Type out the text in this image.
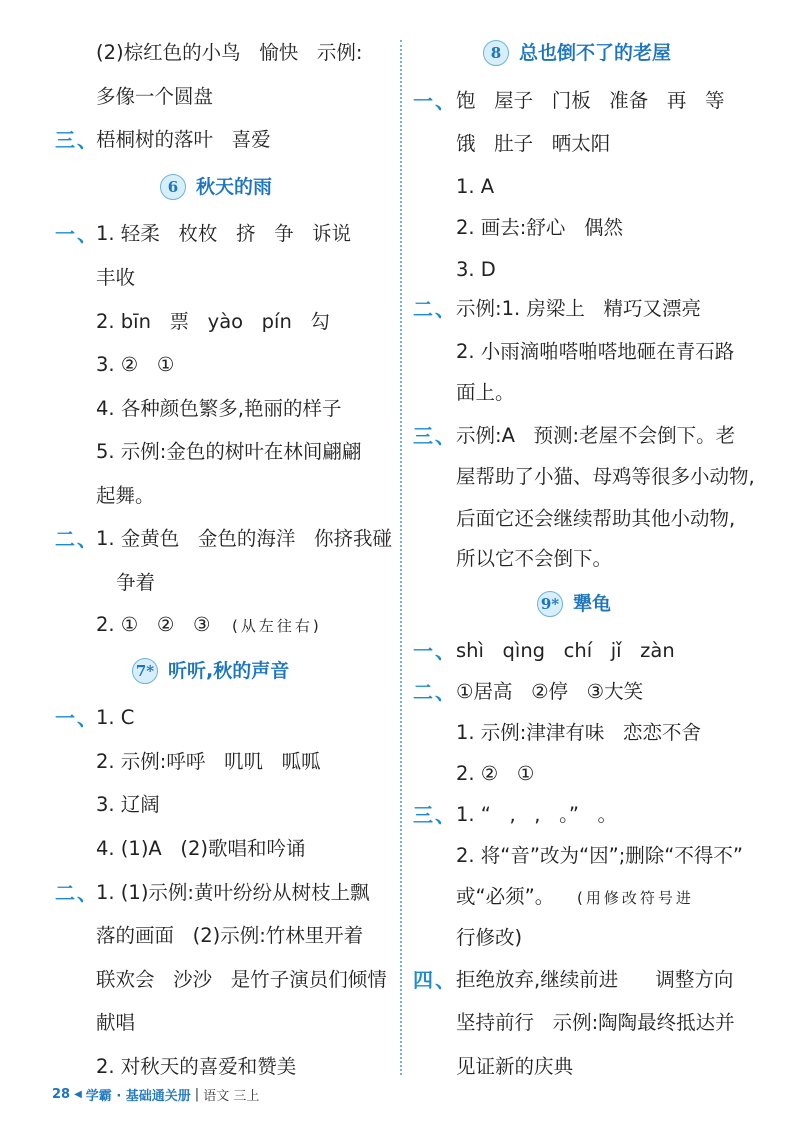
(2)棕红色的小鸟   愉快   示例:
多像一个圆盘
三、
梧桐树的落叶   喜爱
6 秋天的雨
一、
1. 轻柔   枚枚   挤   争   诉说
丰收
2. bīn   票   yào   pín   勾
3. ②   ①
4. 各种颜色繁多,艳丽的样子
5. 示例:金色的树叶在林间翩翩
起舞。
二、
1. 金黄色   金色的海洋   你挤我碰
争着
2. ①   ②   ③ (从左往右)
7* 听听,秋的声音
一、
1. C
2. 示例:呼呼   叽叽   呱呱
3. 辽阔
4. (1)A   (2)歌唱和吟诵
二、
1. (1)示例:黄叶纷纷从树枝上飘
落的画面   (2)示例:竹林里开着
联欢会   沙沙   是竹子演员们倾情
献唱
2. 对秋天的喜爱和赞美
8 总也倒不了的老屋
一、 饱   屋子   门板   准备   再   等
饿   肚子   晒太阳
1. A
2. 画去:舒心   偶然
3. D
二、 示例:1. 房梁上   精巧又漂亮
2. 小雨滴啪嗒啪嗒地砸在青石路
面上。
三、 示例:A   预测:老屋不会倒下。老
屋帮助了小猫、母鸡等很多小动物,
后面它还会继续帮助其他小动物,
所以它不会倒下。
9* 犟龟
一、 shì   qìng   chí   jǐ   zàn
二、 ①居高   ②停   ③大笑
1. 示例:津津有味   恋恋不舍
2. ②   ①
三、 1. “   ,   ,   。”   。
2. 将“音”改为“因”;删除“不得不”
或“必须”。 (用修改符号进
行修改)
四、 拒绝放弃,继续前进      调整方向
坚持前行   示例:陶陶最终抵达并
见证新的庆典
28 ◀ 学霸 · 基础通关册 | 语文 三上
